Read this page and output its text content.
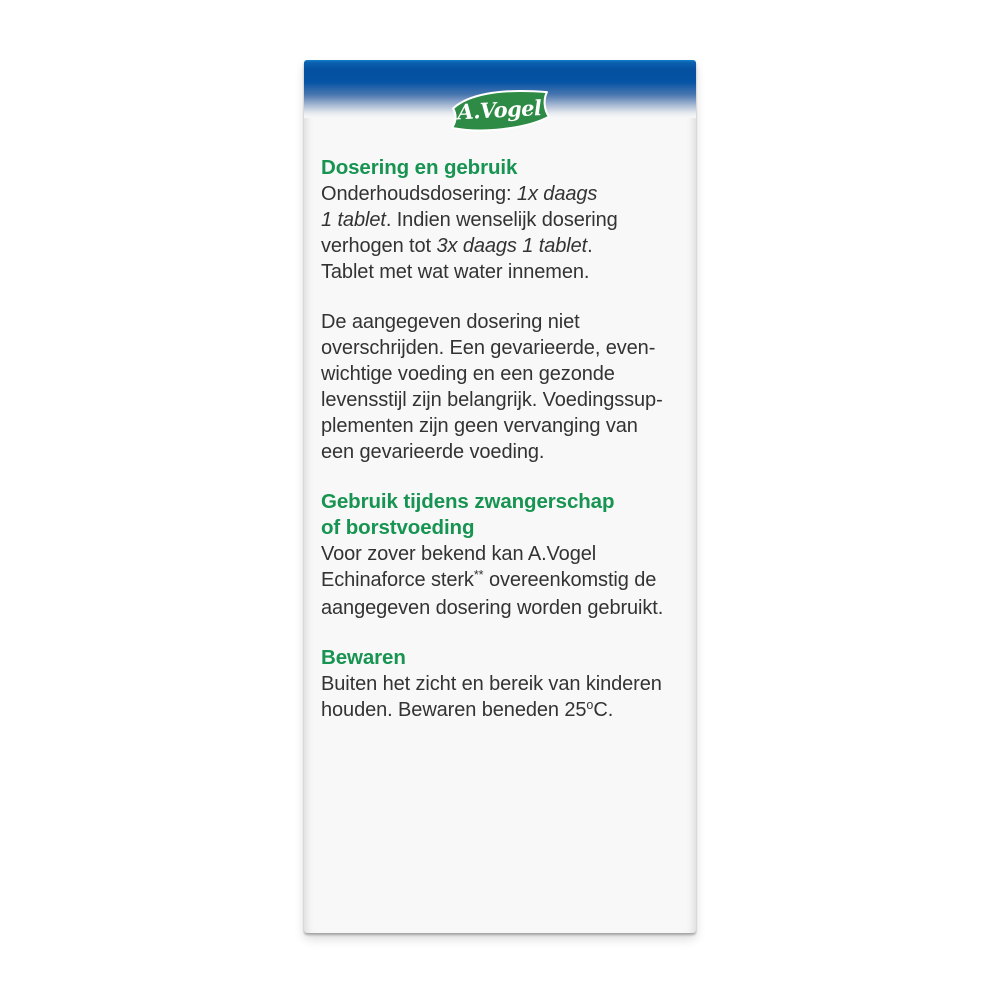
A.Vogel
Dosering en gebruik
Onderhoudsdosering: 1x daags
1 tablet. Indien wenselijk dosering
verhogen tot 3x daags 1 tablet.
Tablet met wat water innemen.
De aangegeven dosering niet
overschrijden. Een gevarieerde, even-
wichtige voeding en een gezonde
levensstijl zijn belangrijk. Voedingssup-
plementen zijn geen vervanging van
een gevarieerde voeding.
Gebruik tijdens zwangerschap
of borstvoeding
Voor zover bekend kan A.Vogel
Echinaforce sterk** overeenkomstig de
aangegeven dosering worden gebruikt.
Bewaren
Buiten het zicht en bereik van kinderen
houden. Bewaren beneden 25$^o$C.
